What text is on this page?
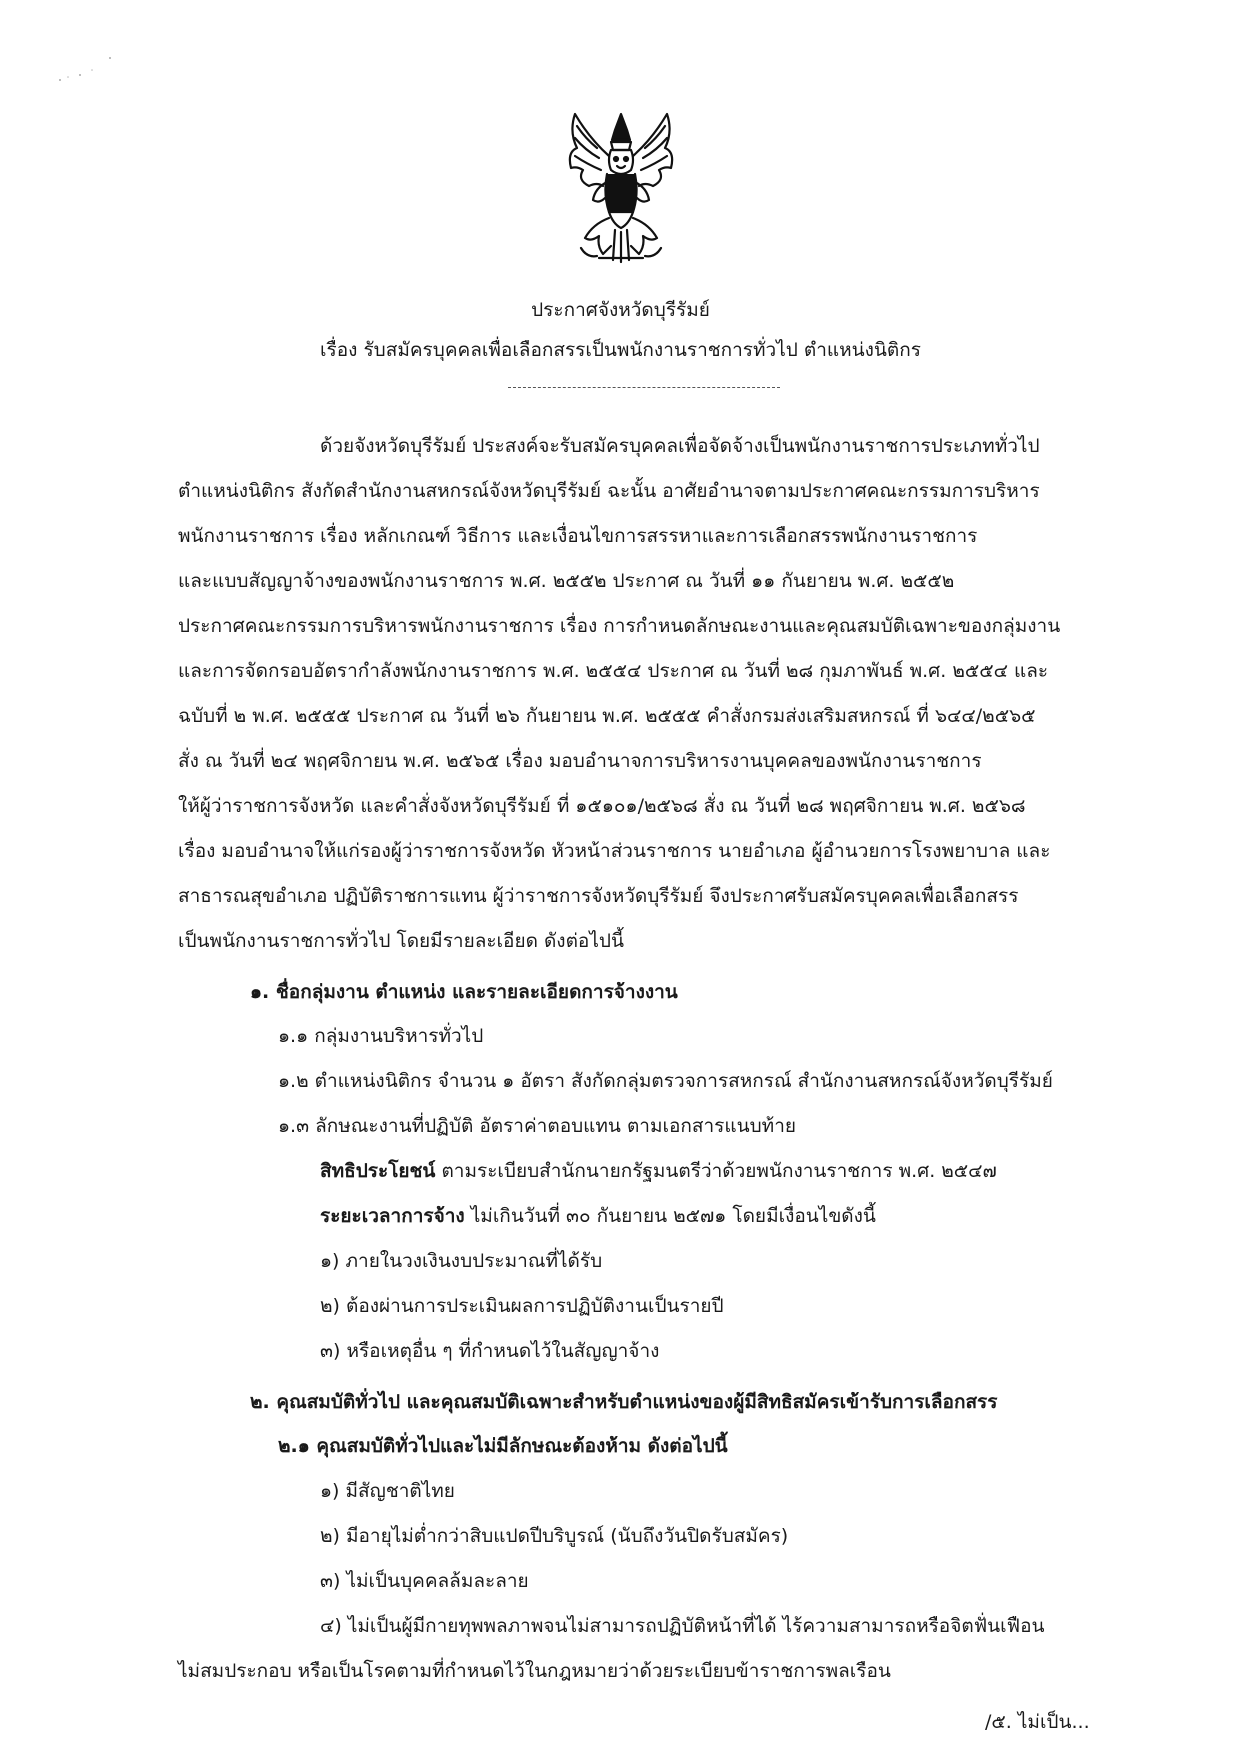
ประกาศจังหวัดบุรีรัมย์
เรื่อง รับสมัครบุคคลเพื่อเลือกสรรเป็นพนักงานราชการทั่วไป ตำแหน่งนิติกร
ด้วยจังหวัดบุรีรัมย์ ประสงค์จะรับสมัครบุคคลเพื่อจัดจ้างเป็นพนักงานราชการประเภททั่วไป
ตำแหน่งนิติกร สังกัดสำนักงานสหกรณ์จังหวัดบุรีรัมย์ ฉะนั้น อาศัยอำนาจตามประกาศคณะกรรมการบริหาร
พนักงานราชการ เรื่อง หลักเกณฑ์ วิธีการ และเงื่อนไขการสรรหาและการเลือกสรรพนักงานราชการ
และแบบสัญญาจ้างของพนักงานราชการ พ.ศ. ๒๕๕๒ ประกาศ ณ วันที่ ๑๑ กันยายน พ.ศ. ๒๕๕๒
ประกาศคณะกรรมการบริหารพนักงานราชการ เรื่อง การกำหนดลักษณะงานและคุณสมบัติเฉพาะของกลุ่มงาน
และการจัดกรอบอัตรากำลังพนักงานราชการ พ.ศ. ๒๕๕๔ ประกาศ ณ วันที่ ๒๘ กุมภาพันธ์ พ.ศ. ๒๕๕๔ และ
ฉบับที่ ๒ พ.ศ. ๒๕๕๕ ประกาศ ณ วันที่ ๒๖ กันยายน พ.ศ. ๒๕๕๕ คำสั่งกรมส่งเสริมสหกรณ์ ที่ ๖๔๔/๒๕๖๕
สั่ง ณ วันที่ ๒๔ พฤศจิกายน พ.ศ. ๒๕๖๕ เรื่อง มอบอำนาจการบริหารงานบุคคลของพนักงานราชการ
ให้ผู้ว่าราชการจังหวัด และคำสั่งจังหวัดบุรีรัมย์ ที่ ๑๕๑๐๑/๒๕๖๘ สั่ง ณ วันที่ ๒๘ พฤศจิกายน พ.ศ. ๒๕๖๘
เรื่อง มอบอำนาจให้แก่รองผู้ว่าราชการจังหวัด หัวหน้าส่วนราชการ นายอำเภอ ผู้อำนวยการโรงพยาบาล และ
สาธารณสุขอำเภอ ปฏิบัติราชการแทน ผู้ว่าราชการจังหวัดบุรีรัมย์ จึงประกาศรับสมัครบุคคลเพื่อเลือกสรร
เป็นพนักงานราชการทั่วไป โดยมีรายละเอียด ดังต่อไปนี้
๑. ชื่อกลุ่มงาน ตำแหน่ง และรายละเอียดการจ้างงาน
๑.๑ กลุ่มงานบริหารทั่วไป
๑.๒ ตำแหน่งนิติกร จำนวน ๑ อัตรา สังกัดกลุ่มตรวจการสหกรณ์ สำนักงานสหกรณ์จังหวัดบุรีรัมย์
๑.๓ ลักษณะงานที่ปฏิบัติ อัตราค่าตอบแทน ตามเอกสารแนบท้าย
สิทธิประโยชน์ ตามระเบียบสำนักนายกรัฐมนตรีว่าด้วยพนักงานราชการ พ.ศ. ๒๕๔๗
ระยะเวลาการจ้าง ไม่เกินวันที่ ๓๐ กันยายน ๒๕๗๑ โดยมีเงื่อนไขดังนี้
๑) ภายในวงเงินงบประมาณที่ได้รับ
๒) ต้องผ่านการประเมินผลการปฏิบัติงานเป็นรายปี
๓) หรือเหตุอื่น ๆ ที่กำหนดไว้ในสัญญาจ้าง
๒. คุณสมบัติทั่วไป และคุณสมบัติเฉพาะสำหรับตำแหน่งของผู้มีสิทธิสมัครเข้ารับการเลือกสรร
๒.๑ คุณสมบัติทั่วไปและไม่มีลักษณะต้องห้าม ดังต่อไปนี้
๑) มีสัญชาติไทย
๒) มีอายุไม่ต่ำกว่าสิบแปดปีบริบูรณ์ (นับถึงวันปิดรับสมัคร)
๓) ไม่เป็นบุคคลล้มละลาย
๔) ไม่เป็นผู้มีกายทุพพลภาพจนไม่สามารถปฏิบัติหน้าที่ได้ ไร้ความสามารถหรือจิตฟั่นเฟือน
ไม่สมประกอบ หรือเป็นโรคตามที่กำหนดไว้ในกฎหมายว่าด้วยระเบียบข้าราชการพลเรือน
/๕. ไม่เป็น...
